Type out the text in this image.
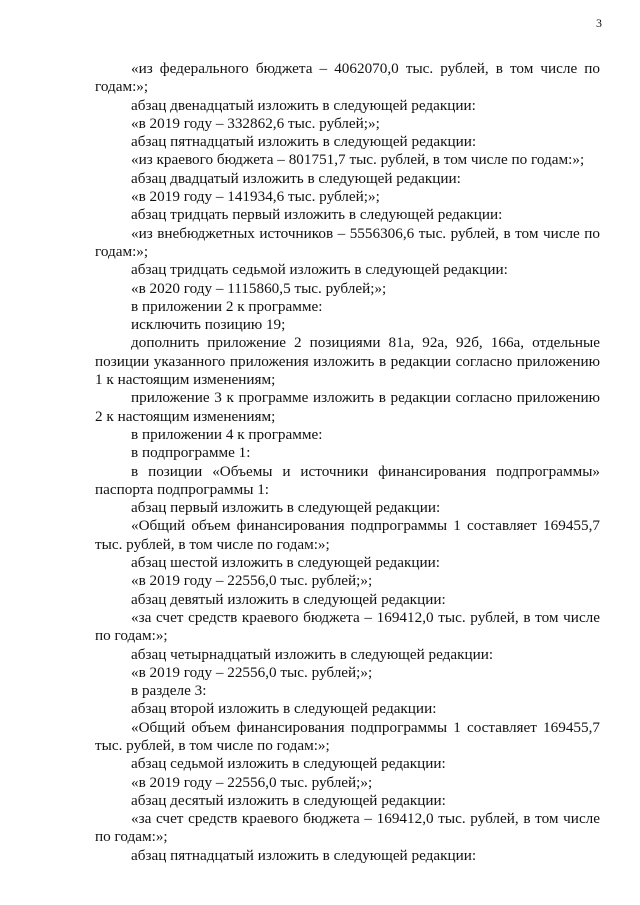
3

«из федерального бюджета – 4062070,0 тыс. рублей, в том числе по годам:»;

абзац двенадцатый изложить в следующей редакции:

«в 2019 году – 332862,6 тыс. рублей;»;

абзац пятнадцатый изложить в следующей редакции:

«из краевого бюджета – 801751,7 тыс. рублей, в том числе по годам:»;

абзац двадцатый изложить в следующей редакции:

«в 2019 году – 141934,6 тыс. рублей;»;

абзац тридцать первый изложить в следующей редакции:

«из внебюджетных источников – 5556306,6 тыс. рублей, в том числе по годам:»;

абзац тридцать седьмой изложить в следующей редакции:

«в 2020 году – 1115860,5 тыс. рублей;»;

в приложении 2 к программе:

исключить позицию 19;

дополнить приложение 2 позициями 81а, 92а, 92б, 166а, отдельные позиции указанного приложения изложить в редакции согласно приложению 1 к настоящим изменениям;

приложение 3 к программе изложить в редакции согласно приложению 2 к настоящим изменениям;

в приложении 4 к программе:

в подпрограмме 1:

в позиции «Объемы и источники финансирования подпрограммы» паспорта подпрограммы 1:

абзац первый изложить в следующей редакции:

«Общий объем финансирования подпрограммы 1 составляет 169455,7 тыс. рублей, в том числе по годам:»;

абзац шестой изложить в следующей редакции:

«в 2019 году – 22556,0 тыс. рублей;»;

абзац девятый изложить в следующей редакции:

«за счет средств краевого бюджета – 169412,0 тыс. рублей, в том числе по годам:»;

абзац четырнадцатый изложить в следующей редакции:

«в 2019 году – 22556,0 тыс. рублей;»;

в разделе 3:

абзац второй изложить в следующей редакции:

«Общий объем финансирования подпрограммы 1 составляет 169455,7 тыс. рублей, в том числе по годам:»;

абзац седьмой изложить в следующей редакции:

«в 2019 году – 22556,0 тыс. рублей;»;

абзац десятый изложить в следующей редакции:

«за счет средств краевого бюджета – 169412,0 тыс. рублей, в том числе по годам:»;

абзац пятнадцатый изложить в следующей редакции:
